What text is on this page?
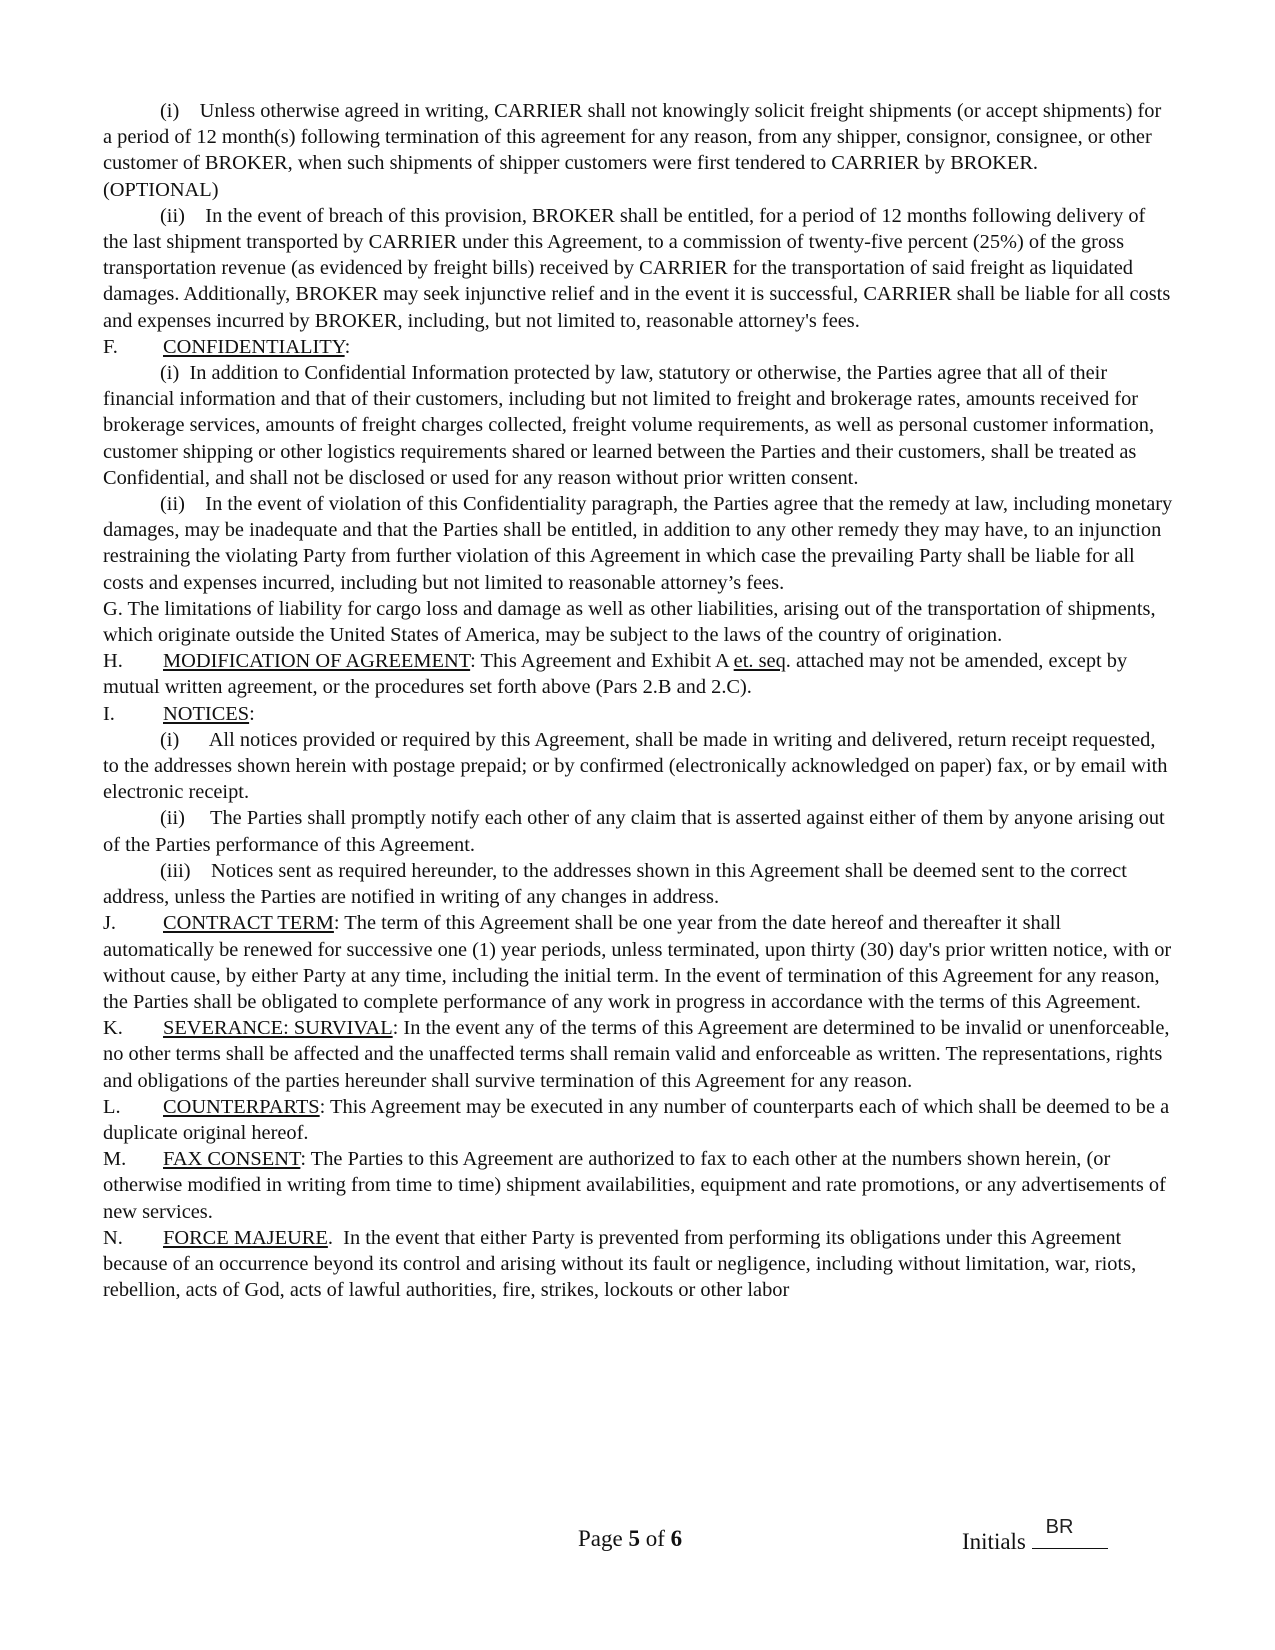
(i)    Unless otherwise agreed in writing, CARRIER shall not knowingly solicit freight shipments (or accept shipments) for a period of 12 month(s) following termination of this agreement for any reason, from any shipper, consignor, consignee, or other customer of BROKER, when such shipments of shipper customers were first tendered to CARRIER by BROKER.

(OPTIONAL)

(ii)    In the event of breach of this provision, BROKER shall be entitled, for a period of 12 months following delivery of the last shipment transported by CARRIER under this Agreement, to a commission of twenty-five percent (25%) of the gross transportation revenue (as evidenced by freight bills) received by CARRIER for the transportation of said freight as liquidated damages. Additionally, BROKER may seek injunctive relief and in the event it is successful, CARRIER shall be liable for all costs and expenses incurred by BROKER, including, but not limited to, reasonable attorney's fees.

F. CONFIDENTIALITY:

(i)  In addition to Confidential Information protected by law, statutory or otherwise, the Parties agree that all of their financial information and that of their customers, including but not limited to freight and brokerage rates, amounts received for brokerage services, amounts of freight charges collected, freight volume requirements, as well as personal customer information, customer shipping or other logistics requirements shared or learned between the Parties and their customers, shall be treated as Confidential, and shall not be disclosed or used for any reason without prior written consent.

(ii)    In the event of violation of this Confidentiality paragraph, the Parties agree that the remedy at law, including monetary damages, may be inadequate and that the Parties shall be entitled, in addition to any other remedy they may have, to an injunction restraining the violating Party from further violation of this Agreement in which case the prevailing Party shall be liable for all costs and expenses incurred, including but not limited to reasonable attorney’s fees.

G. The limitations of liability for cargo loss and damage as well as other liabilities, arising out of the transportation of shipments, which originate outside the United States of America, may be subject to the laws of the country of origination.

H. MODIFICATION OF AGREEMENT: This Agreement and Exhibit A et. seq. attached may not be amended, except by mutual written agreement, or the procedures set forth above (Pars 2.B and 2.C).

I. NOTICES:

(i)      All notices provided or required by this Agreement, shall be made in writing and delivered, return receipt requested, to the addresses shown herein with postage prepaid; or by confirmed (electronically acknowledged on paper) fax, or by email with electronic receipt.

(ii)     The Parties shall promptly notify each other of any claim that is asserted against either of them by anyone arising out of the Parties performance of this Agreement.

(iii)    Notices sent as required hereunder, to the addresses shown in this Agreement shall be deemed sent to the correct address, unless the Parties are notified in writing of any changes in address.

J. CONTRACT TERM: The term of this Agreement shall be one year from the date hereof and thereafter it shall automatically be renewed for successive one (1) year periods, unless terminated, upon thirty (30) day's prior written notice, with or without cause, by either Party at any time, including the initial term. In the event of termination of this Agreement for any reason, the Parties shall be obligated to complete performance of any work in progress in accordance with the terms of this Agreement.

K. SEVERANCE: SURVIVAL: In the event any of the terms of this Agreement are determined to be invalid or unenforceable, no other terms shall be affected and the unaffected terms shall remain valid and enforceable as written. The representations, rights and obligations of the parties hereunder shall survive termination of this Agreement for any reason.

L. COUNTERPARTS: This Agreement may be executed in any number of counterparts each of which shall be deemed to be a duplicate original hereof.

M. FAX CONSENT: The Parties to this Agreement are authorized to fax to each other at the numbers shown herein, (or otherwise modified in writing from time to time) shipment availabilities, equipment and rate promotions, or any advertisements of new services.

N. FORCE MAJEURE.  In the event that either Party is prevented from performing its obligations under this Agreement because of an occurrence beyond its control and arising without its fault or negligence, including without limitation, war, riots, rebellion, acts of God, acts of lawful authorities, fire, strikes, lockouts or other labor

Page 5 of 6	Initials
BR
